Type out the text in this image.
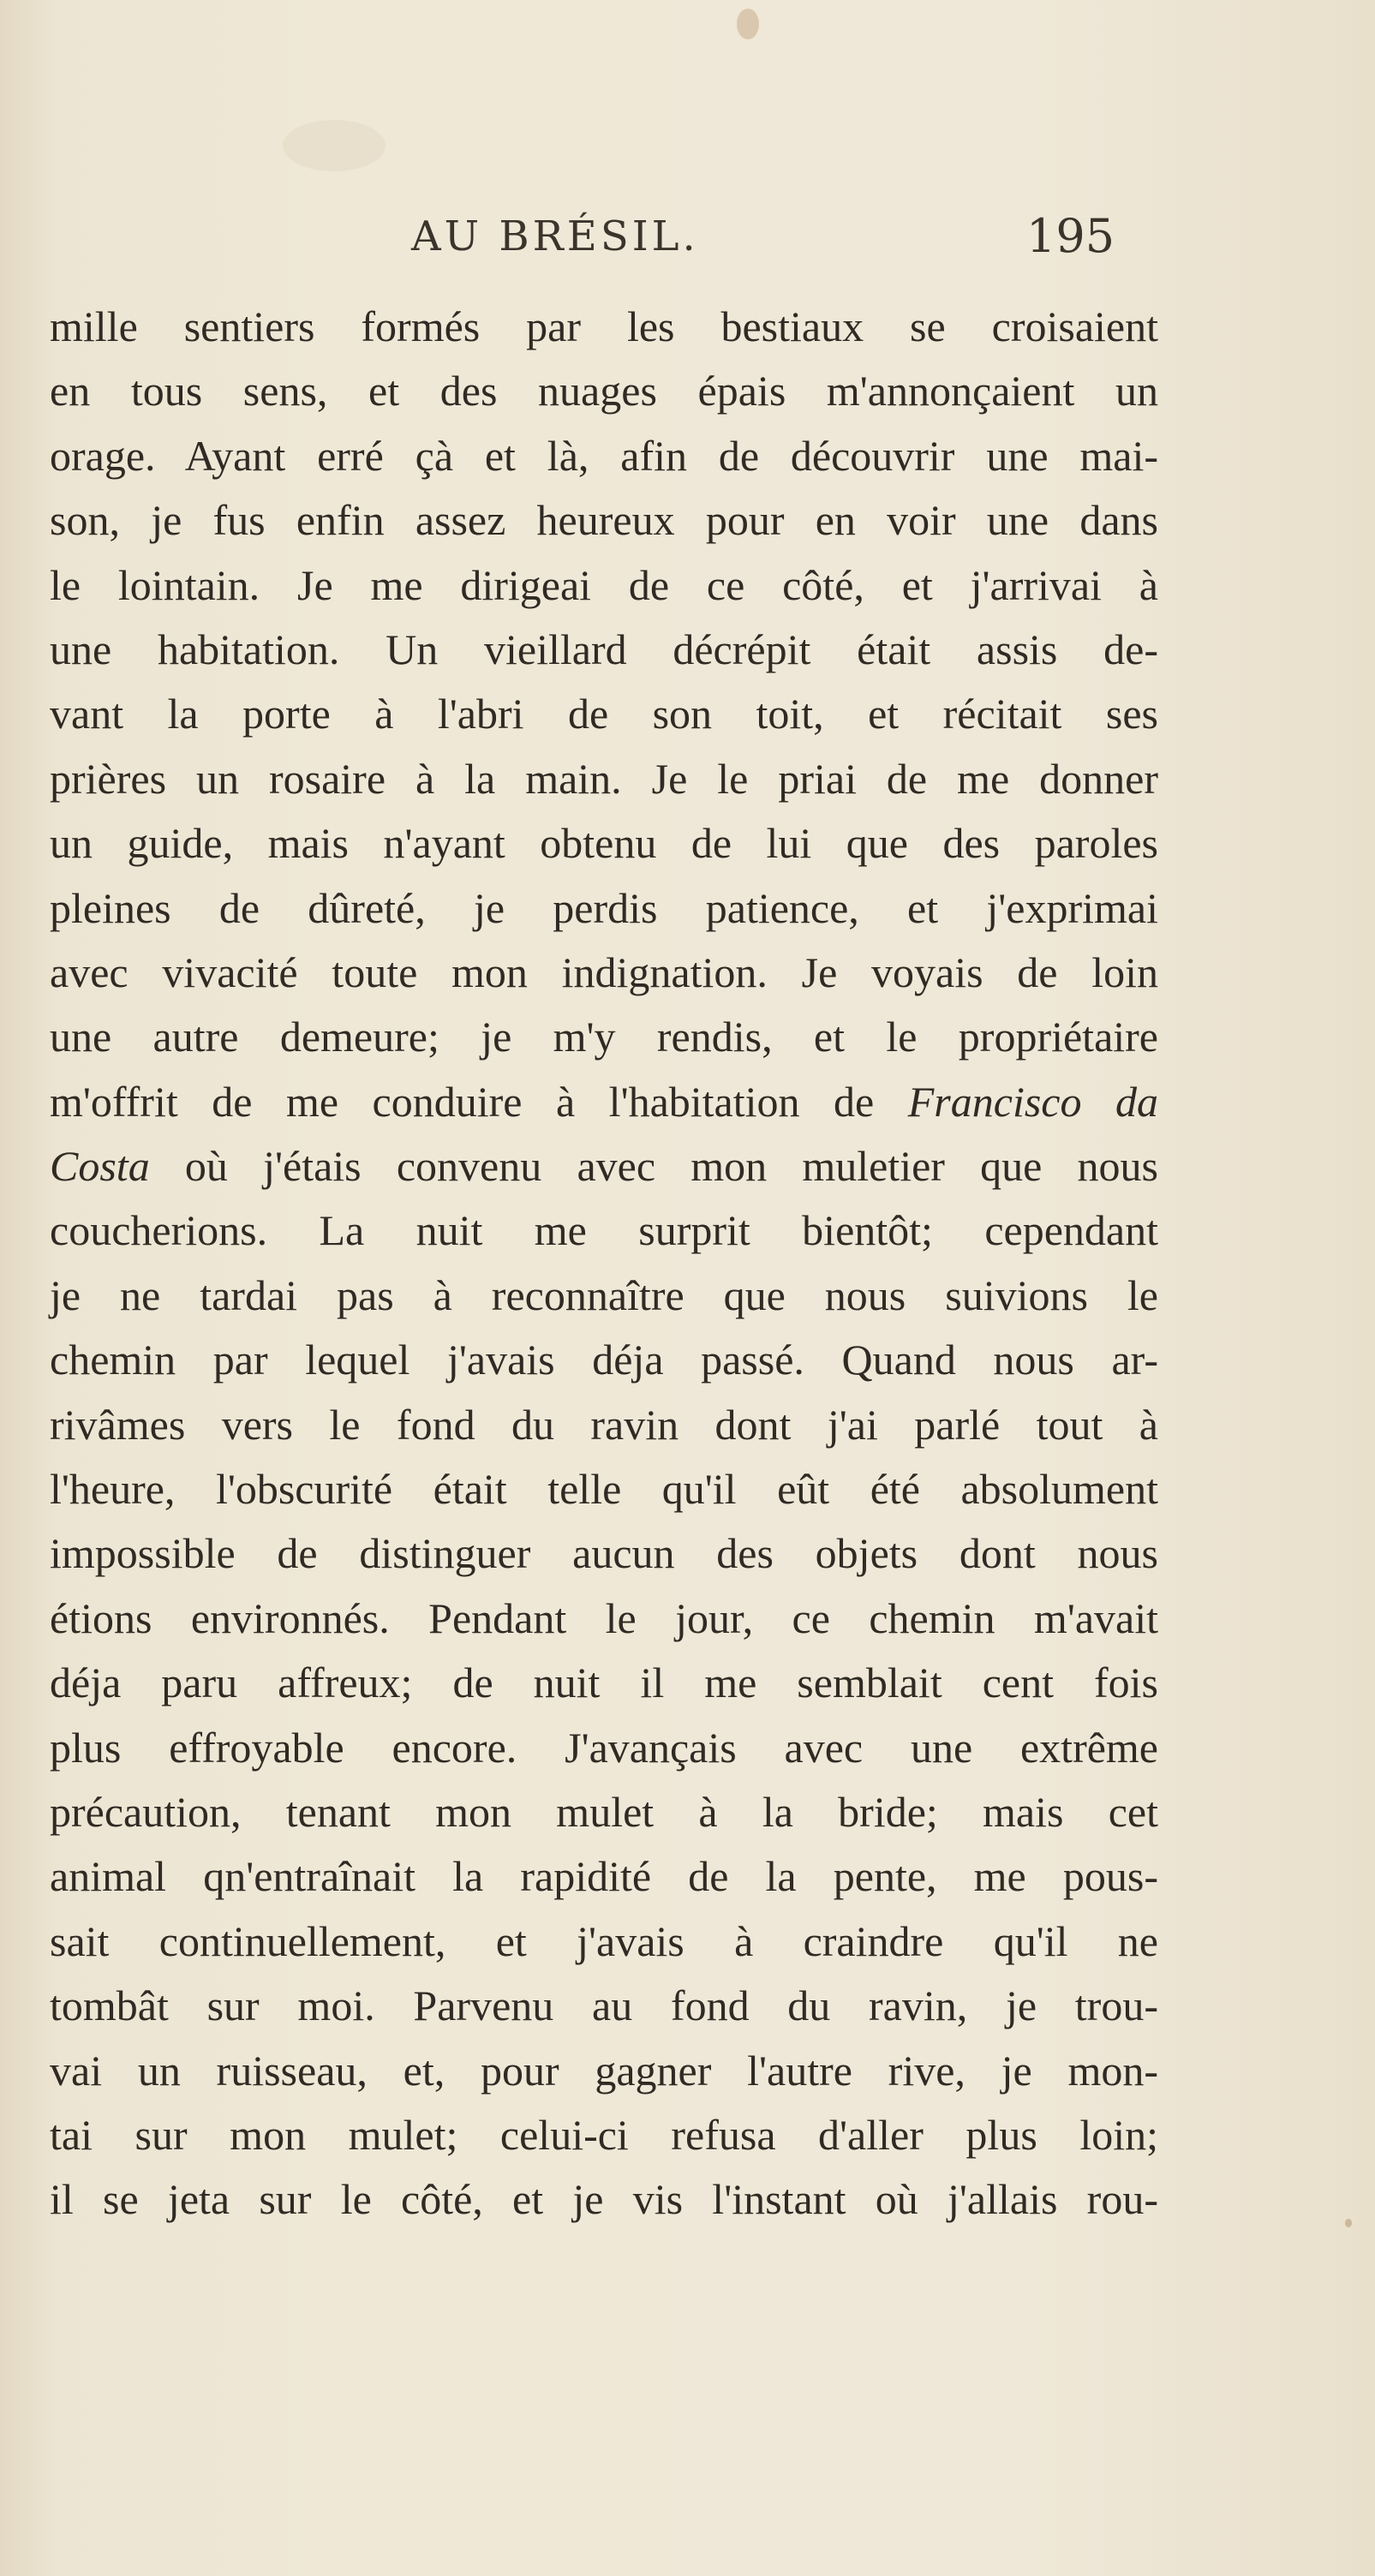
AU BRÉSIL.	195
mille sentiers formés par les bestiaux se croisaient
en tous sens, et des nuages épais m'annonçaient un
orage. Ayant erré çà et là, afin de découvrir une mai-
son, je fus enfin assez heureux pour en voir une dans
le lointain. Je me dirigeai de ce côté, et j'arrivai à
une habitation. Un vieillard décrépit était assis de-
vant la porte à l'abri de son toit, et récitait ses
prières un rosaire à la main. Je le priai de me donner
un guide, mais n'ayant obtenu de lui que des paroles
pleines de dûreté, je perdis patience, et j'exprimai
avec vivacité toute mon indignation. Je voyais de loin
une autre demeure; je m'y rendis, et le propriétaire
m'offrit de me conduire à l'habitation de Francisco da
Costa où j'étais convenu avec mon muletier que nous
coucherions. La nuit me surprit bientôt; cependant
je ne tardai pas à reconnaître que nous suivions le
chemin par lequel j'avais déja passé. Quand nous ar-
rivâmes vers le fond du ravin dont j'ai parlé tout à
l'heure, l'obscurité était telle qu'il eût été absolument
impossible de distinguer aucun des objets dont nous
étions environnés. Pendant le jour, ce chemin m'avait
déja paru affreux; de nuit il me semblait cent fois
plus effroyable encore. J'avançais avec une extrême
précaution, tenant mon mulet à la bride; mais cet
animal qn'entraînait la rapidité de la pente, me pous-
sait continuellement, et j'avais à craindre qu'il ne
tombât sur moi. Parvenu au fond du ravin, je trou-
vai un ruisseau, et, pour gagner l'autre rive, je mon-
tai sur mon mulet; celui-ci refusa d'aller plus loin;
il se jeta sur le côté, et je vis l'instant où j'allais rou-
